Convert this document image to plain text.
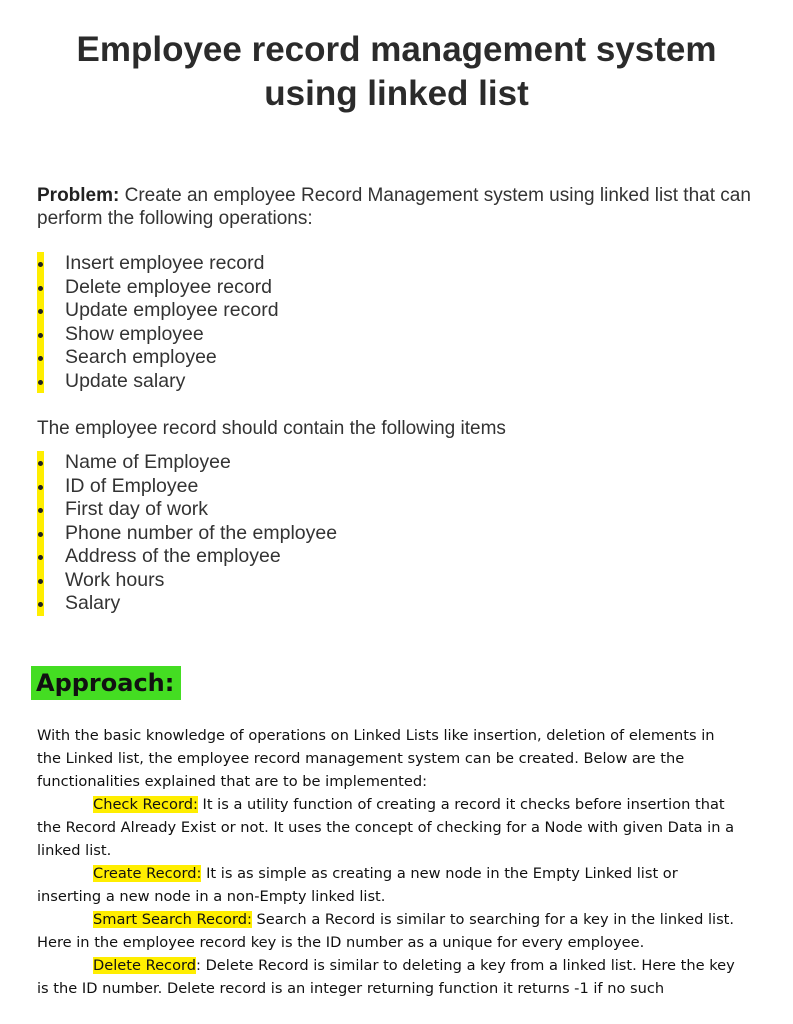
Employee record management system
using linked list

Problem: Create an employee Record Management system using linked list that can perform the following operations:

Insert employee record
Delete employee record
Update employee record
Show employee
Search employee
Update salary

The employee record should contain the following items

Name of Employee
ID of Employee
First day of work
Phone number of the employee
Address of the employee
Work hours
Salary
Approach:

With the basic knowledge of operations on Linked Lists like insertion, deletion of elements in the Linked list, the employee record management system can be created. Below are the functionalities explained that are to be implemented:

Check Record: It is a utility function of creating a record it checks before insertion that the Record Already Exist or not. It uses the concept of checking for a Node with given Data in a linked list.

Create Record: It is as simple as creating a new node in the Empty Linked list or inserting a new node in a non-Empty linked list.

Smart Search Record: Search a Record is similar to searching for a key in the linked list. Here in the employee record key is the ID number as a unique for every employee.

Delete Record: Delete Record is similar to deleting a key from a linked list. Here the key is the ID number. Delete record is an integer returning function it returns -1 if no such
